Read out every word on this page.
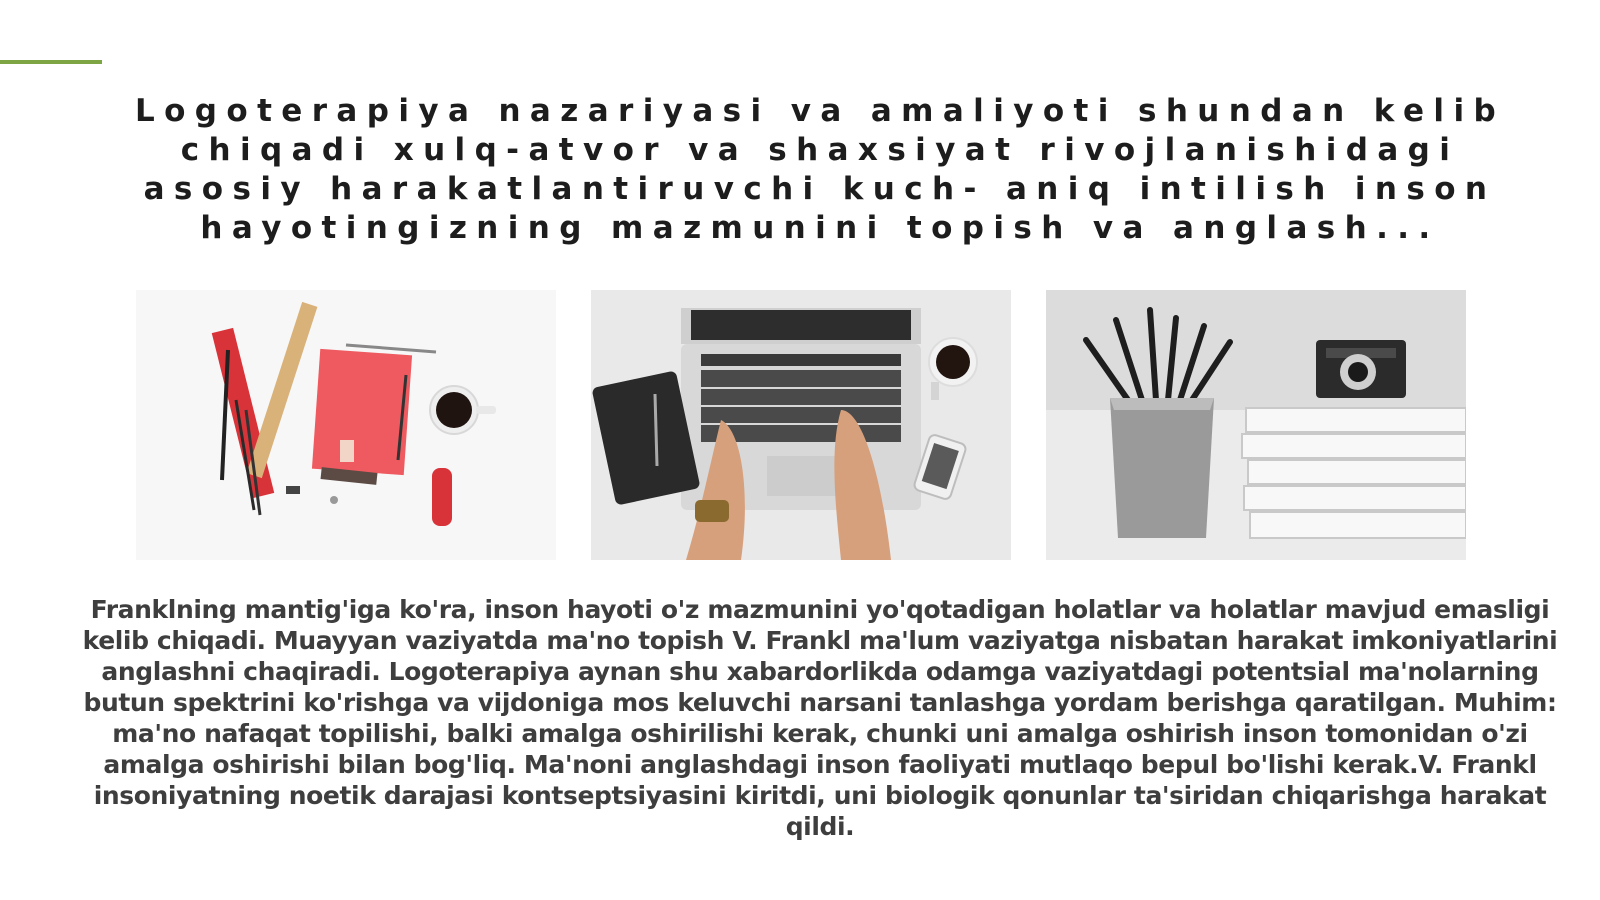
Logoterapiya nazariyasi va amaliyoti shundan kelib chiqadi xulq-atvor va shaxsiyat rivojlanishidagi asosiy harakatlantiruvchi kuch- aniq intilish inson hayotingizning mazmunini topish va anglash...

Franklning mantig'iga ko'ra, inson hayoti o'z mazmunini yo'qotadigan holatlar va holatlar mavjud emasligi kelib chiqadi. Muayyan vaziyatda ma'no topish V. Frankl ma'lum vaziyatga nisbatan harakat imkoniyatlarini anglashni chaqiradi. Logoterapiya aynan shu xabardorlikda odamga vaziyatdagi potentsial ma'nolarning butun spektrini ko'rishga va vijdoniga mos keluvchi narsani tanlashga yordam berishga qaratilgan. Muhim: ma'no nafaqat topilishi, balki amalga oshirilishi kerak, chunki uni amalga oshirish inson tomonidan o'zi amalga oshirishi bilan bog'liq. Ma'noni anglashdagi inson faoliyati mutlaqo bepul bo'lishi kerak.V. Frankl insoniyatning noetik darajasi kontseptsiyasini kiritdi, uni biologik qonunlar ta'siridan chiqarishga harakat qildi.
